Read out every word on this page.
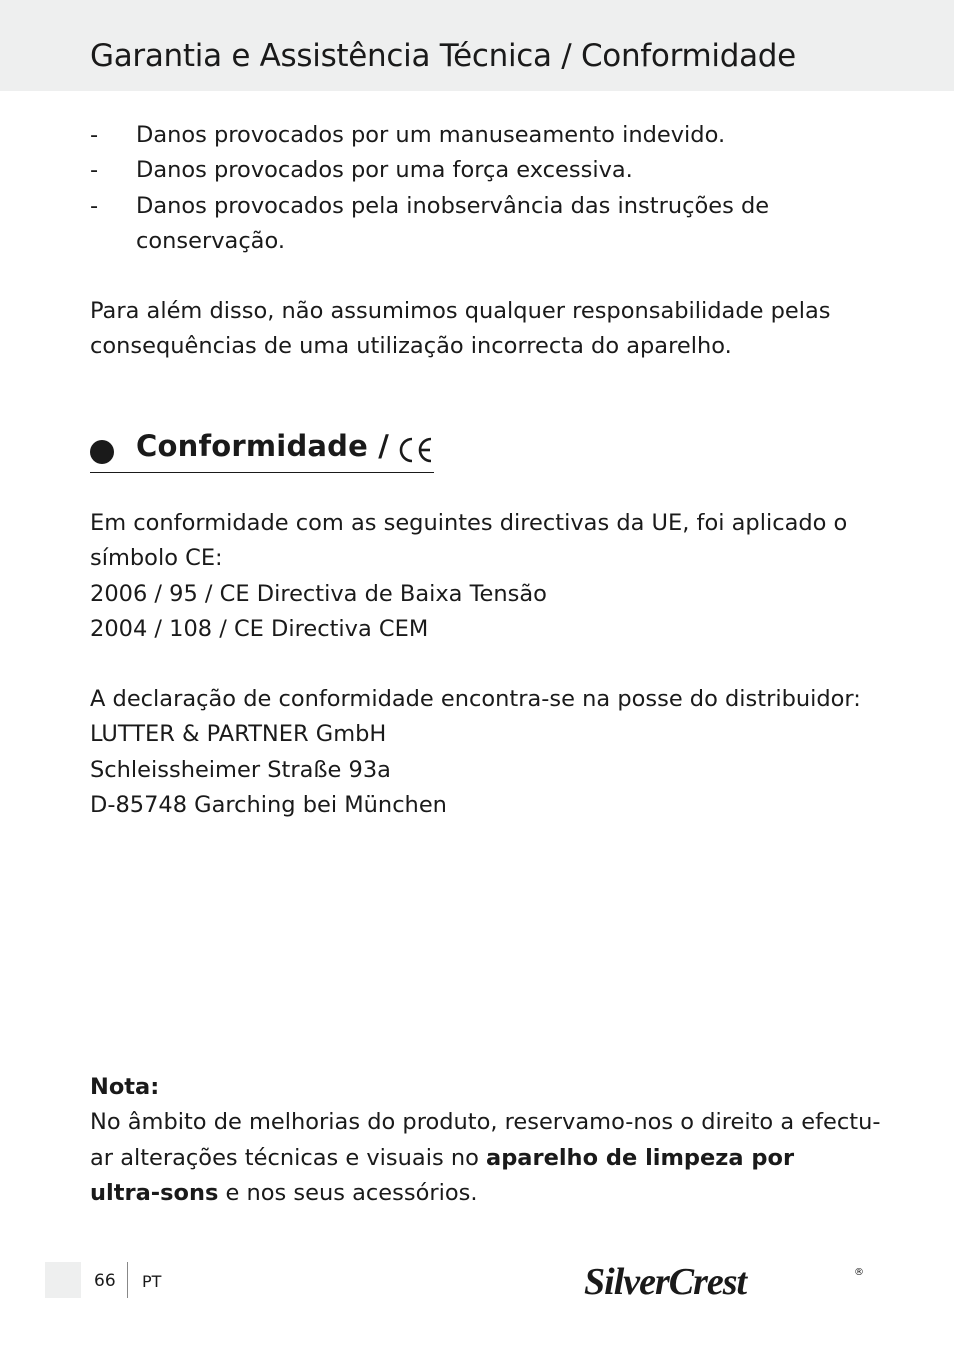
Garantia e Assistência Técnica / Conformidade
- Danos provocados por um manuseamento indevido.
- Danos provocados por uma força excessiva.
- Danos provocados pela inobservância das instruções de
conservação.

Para além disso, não assumimos qualquer responsabilidade pelas
consequências de uma utilização incorrecta do aparelho.

Conformidade /

Em conformidade com as seguintes directivas da UE, foi aplicado o
símbolo CE:
2006 / 95 / CE Directiva de Baixa Tensão
2004 / 108 / CE Directiva CEM

A declaração de conformidade encontra-se na posse do distribuidor:
LUTTER & PARTNER GmbH
Schleissheimer Straße 93a
D-85748 Garching bei München

Nota:
No âmbito de melhorias do produto, reservamo-nos o direito a efectu-
ar alterações técnicas e visuais no aparelho de limpeza por
ultra-sons e nos seus acessórios.
66 PT	SilverCrest	®
